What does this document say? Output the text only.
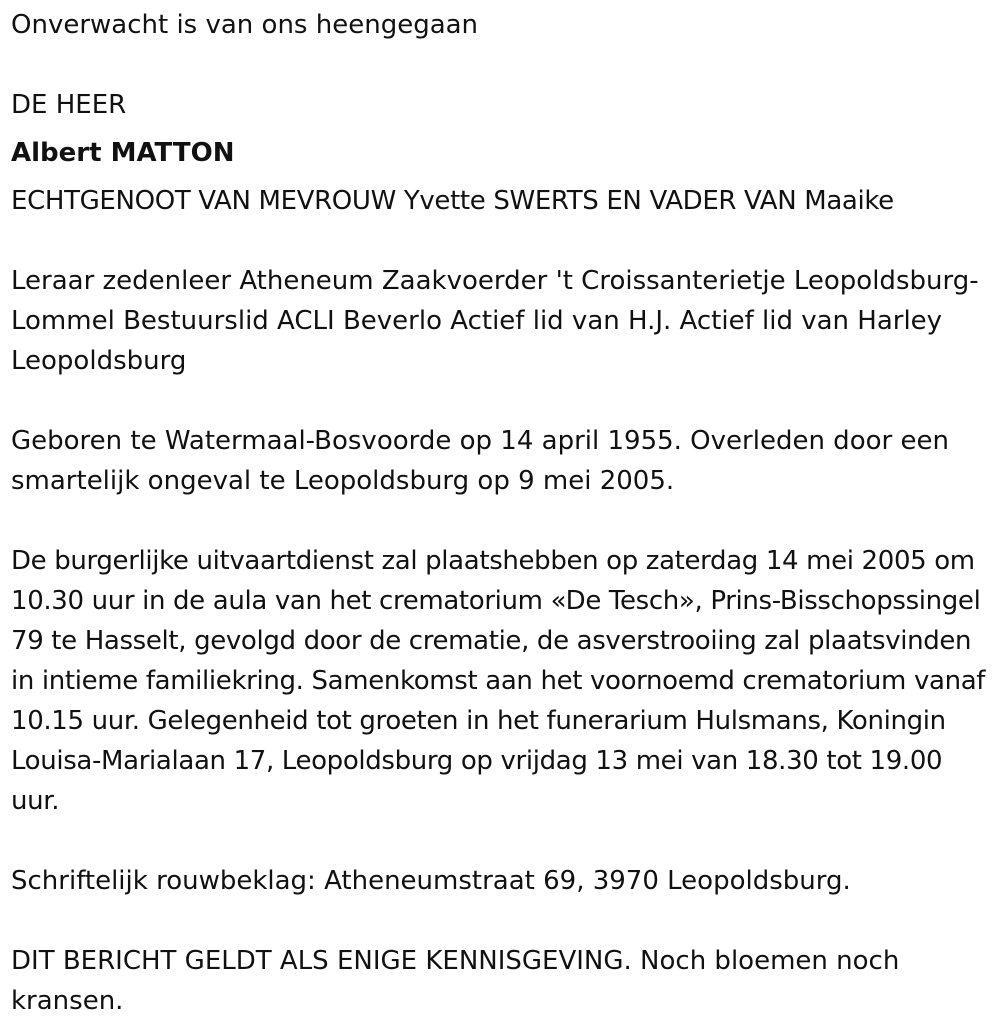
Onverwacht is van ons heengegaan

DE HEER

Albert MATTON

ECHTGENOOT VAN MEVROUW Yvette SWERTS EN VADER VAN Maaike

Leraar zedenleer Atheneum Zaakvoerder 't Croissanterietje Leopoldsburg-Lommel Bestuurslid ACLI Beverlo Actief lid van H.J. Actief lid van Harley Leopoldsburg

Geboren te Watermaal-Bosvoorde op 14 april 1955. Overleden door een smartelijk ongeval te Leopoldsburg op 9 mei 2005.

De burgerlijke uitvaartdienst zal plaatshebben op zaterdag 14 mei 2005 om 10.30 uur in de aula van het crematorium «De Tesch», Prins-Bisschopssingel 79 te Hasselt, gevolgd door de crematie, de asverstrooiing zal plaatsvinden in intieme familiekring. Samenkomst aan het voornoemd crematorium vanaf 10.15 uur. Gelegenheid tot groeten in het funerarium Hulsmans, Koningin Louisa-Marialaan 17, Leopoldsburg op vrijdag 13 mei van 18.30 tot 19.00 uur.

Schriftelijk rouwbeklag: Atheneumstraat 69, 3970 Leopoldsburg.

DIT BERICHT GELDT ALS ENIGE KENNISGEVING. Noch bloemen noch kransen.
